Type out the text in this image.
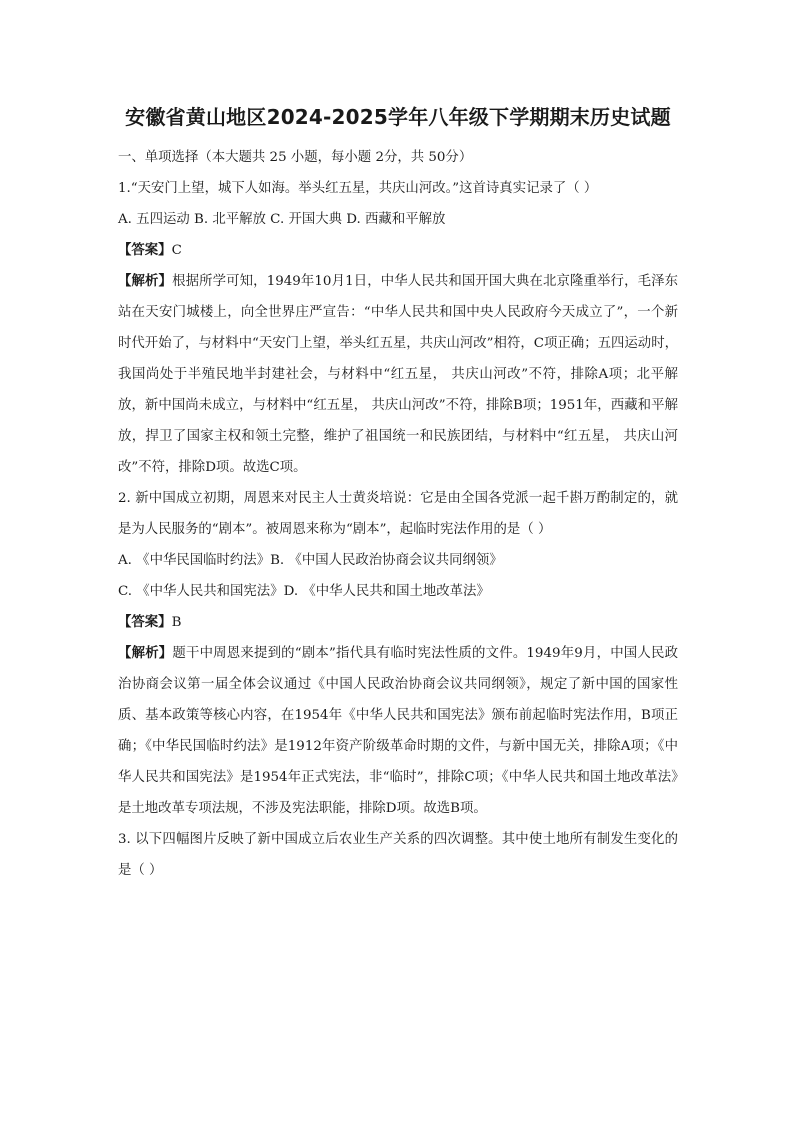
安徽省黄山地区2024-2025学年八年级下学期期末历史试题

一、单项选择（本大题共 25 小题，每小题 2分，共 50分）

1.“天安门上望，城下人如海。举头红五星，共庆山河改。”这首诗真实记录了（ ）

A. 五四运动 B. 北平解放 C. 开国大典 D. 西藏和平解放

【答案】C

【解析】根据所学可知，1949年10月1日，中华人民共和国开国大典在北京隆重举行，毛泽东站在天安门城楼上，向全世界庄严宣告：“中华人民共和国中央人民政府今天成立了”，一个新时代开始了，与材料中“天安门上望，举头红五星，共庆山河改”相符，C项正确；五四运动时，我国尚处于半殖民地半封建社会，与材料中“红五星， 共庆山河改”不符，排除A项；北平解放，新中国尚未成立，与材料中“红五星， 共庆山河改”不符，排除B项；1951年，西藏和平解放，捍卫了国家主权和领土完整，维护了祖国统一和民族团结，与材料中“红五星， 共庆山河改”不符，排除D项。故选C项。

2. 新中国成立初期，周恩来对民主人士黄炎培说：它是由全国各党派一起千斟万酌制定的，就是为人民服务的“剧本”。被周恩来称为“剧本”，起临时宪法作用的是（ ）

A. 《中华民国临时约法》B. 《中国人民政治协商会议共同纲领》

C. 《中华人民共和国宪法》D. 《中华人民共和国土地改革法》

【答案】B

【解析】题干中周恩来提到的“剧本”指代具有临时宪法性质的文件。1949年9月，中国人民政治协商会议第一届全体会议通过《中国人民政治协商会议共同纲领》，规定了新中国的国家性质、基本政策等核心内容，在1954年《中华人民共和国宪法》颁布前起临时宪法作用，B项正确；《中华民国临时约法》是1912年资产阶级革命时期的文件，与新中国无关，排除A项；《中华人民共和国宪法》是1954年正式宪法，非“临时”，排除C项；《中华人民共和国土地改革法》是土地改革专项法规，不涉及宪法职能，排除D项。故选B项。

3. 以下四幅图片反映了新中国成立后农业生产关系的四次调整。其中使土地所有制发生变化的是（ ）
